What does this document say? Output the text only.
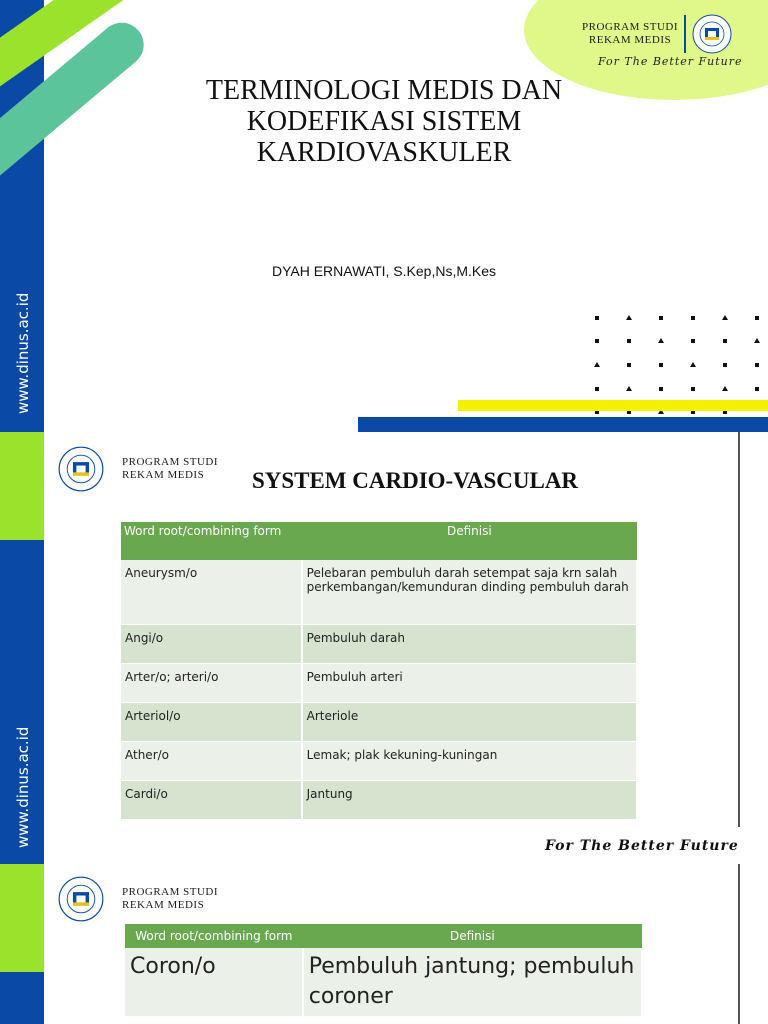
www.dinus.ac.id
PROGRAM STUDI
REKAM MEDIS
For The Better Future
TERMINOLOGI MEDIS DAN
KODEFIKASI SISTEM
KARDIOVASKULER
DYAH ERNAWATI, S.Kep,Ns,M.Kes
www.dinus.ac.id
PROGRAM STUDI
REKAM MEDIS	SYSTEM CARDIO-VASCULAR
Word root/combining form	Definisi
Aneurysm/o	Pelebaran pembuluh darah setempat saja krn salah perkembangan/kemunduran dinding pembuluh darah
Angi/o	Pembuluh darah
Arter/o; arteri/o	Pembuluh arteri
Arteriol/o	Arteriole
Ather/o	Lemak; plak kekuning-kuningan
Cardi/o	Jantung
For The Better Future
PROGRAM STUDI
REKAM MEDIS
Word root/combining form	Definisi
Coron/o	Pembuluh jantung; pembuluh coroner
